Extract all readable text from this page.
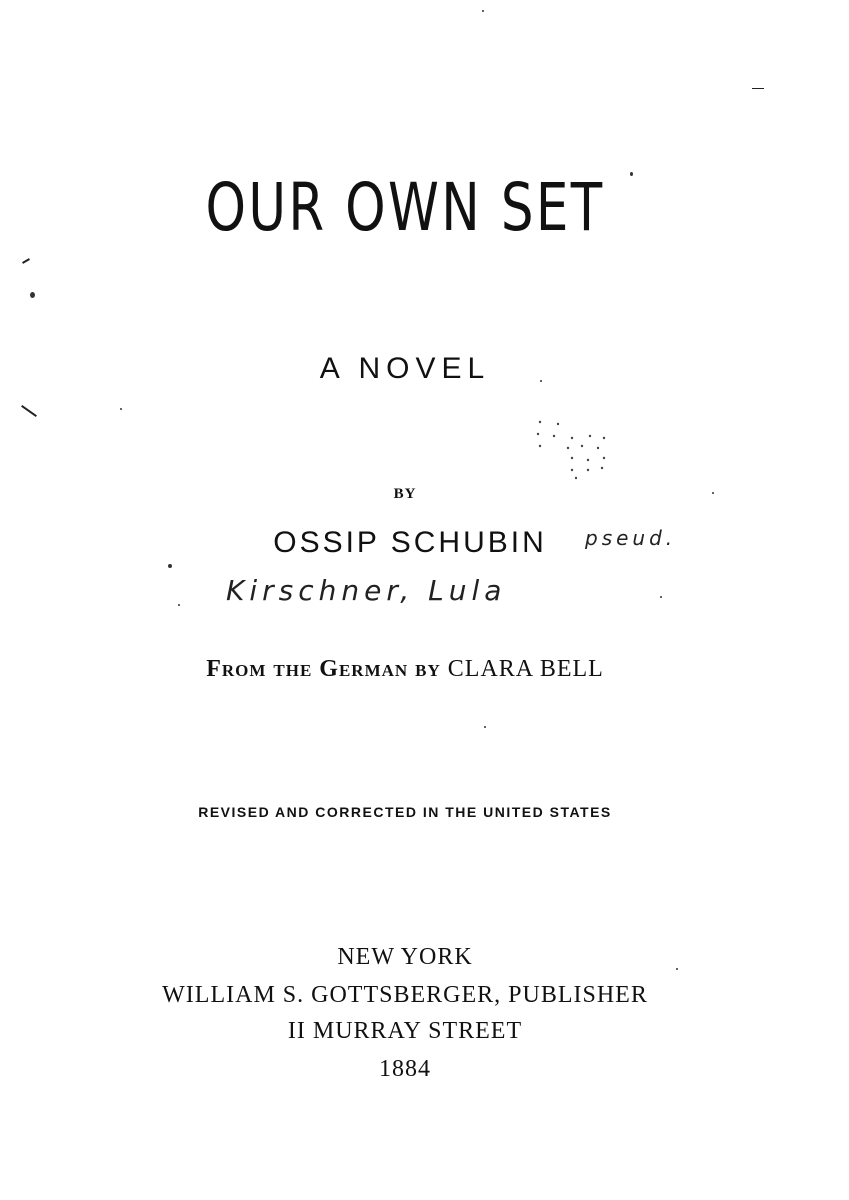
OUR OWN SET
A NOVEL
BY
OSSIP SCHUBIN	pseud.
Kirschner, Lula
From the German by CLARA BELL
REVISED AND CORRECTED IN THE UNITED STATES
NEW YORK
WILLIAM S. GOTTSBERGER, PUBLISHER
II MURRAY STREET
1884
